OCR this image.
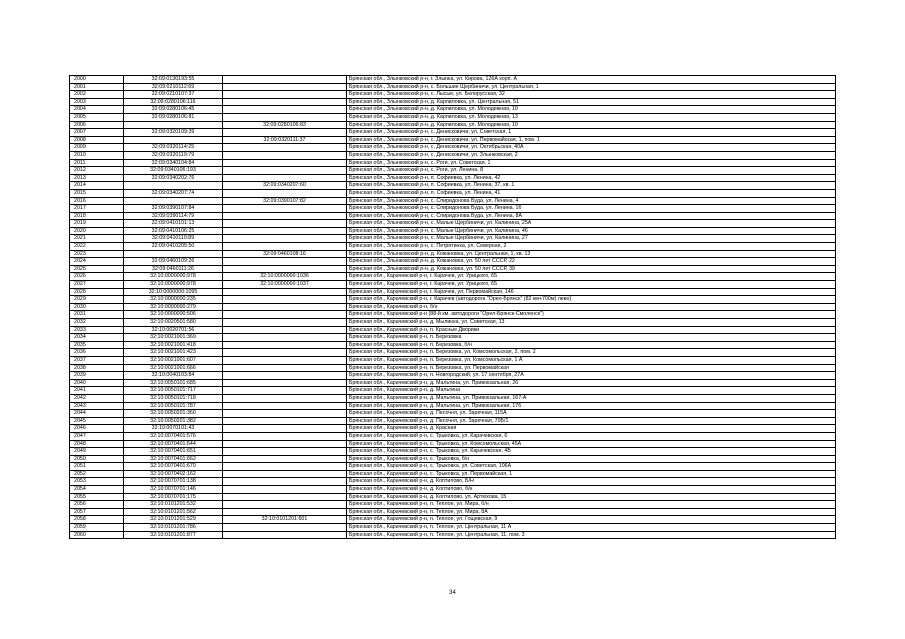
2000	32:09:0130193:55		Брянская обл., Злынковский р-н, г. Злынка, ул. Кирова, 126А корп. А
2001	32:09:0210112:69		Брянская обл., Злынковский р-н, с. Большие Щербиничи, ул. Центральная, 1
2002	32:09:0210107:37		Брянская обл., Злынковский р-н, с. Лысые, ул. Белорусская, 32
2003	32:09:0280106:116		Брянская обл., Злынковский р-н, д. Карпиловка, ул. Центральная, 51
2004	32:09:0280106:45		Брянская обл., Злынковский р-н, д. Карпиловка, ул. Молодежная, 10
2005	32:09:0280106:81		Брянская обл., Злынковский р-н, д. Карпиловка, ул. Молодежная, 13
2006		32:09:0280106:83	Брянская обл., Злынковский р-н, д. Карпиловка, ул. Молодежная, 10
2007	32:09:0320109:39		Брянская обл., Злынковский р-н, с. Денисковичи, ул. Советская, 1
2008		32:09:0320111:37	Брянская обл., Злынковский р-н, с. Денисковичи, ул. Первомайская, 1, пом. 1
2009	32:09:0320114:25		Брянская обл., Злынковский р-н, с. Денисковичи, ул. Октябрьская, 40А
2010	32:09:0320119:79		Брянская обл., Злынковский р-н, с. Денисковичи, ул. Злынковская, 2
2011	32:09:0340104:84		Брянская обл., Злынковский р-н, с. Роги, ул. Советская, 1
2012	32:09:0340106:193		Брянская обл., Злынковский р-н, с. Роги, ул. Ленина, 8
2013	32:09:0340202:76		Брянская обл., Злынковский р-н, п. Софиевка, ул. Ленина, 42
2014		32:09:0340207:60	Брянская обл., Злынковский р-н, п. Софиевка, ул. Ленина, 37, кв. 1
2015	32:09:0340207:74		Брянская обл., Злынковский р-н, п. Софиевка, ул. Ленина, 41
2016		32:09:0390107:82	Брянская обл., Злынковский р-н, с. Спиридонова Буда, ул. Ленина, 4
2017	32:09:0390107:84		Брянская обл., Злынковский р-н, с. Спиридонова Буда, ул. Ленина, 16
2018	32:09:0390114:79		Брянская обл., Злынковский р-н, с. Спиридонова Буда, ул. Ленина, 8А
2019	32:09:0410101:13		Брянская обл., Злынковский р-н, с. Малые Щербиничи, ул. Калинина, 25А
2020	32:09:0410106:25		Брянская обл., Злынковский р-н, с. Малые Щербиничи, ул. Калинина, 46
2021	32:09:0410110:89		Брянская обл., Злынковский р-н, с. Малые Щербиничи, ул. Калинина, 27
2022	32:09:0410205:50		Брянская обл., Злынковский р-н, с. Петрятинка, ул. Северная, 2
2023		32:09:0460108:16	Брянская обл., Злынковский р-н, д. Кожановка, ул. Центральная, 1, кв. 13
2024	32:09:0460109:26		Брянская обл., Злынковский р-н, д. Кожановка, ул. 50 лет СССР, 22
2025	32:09:0460111:26		Брянская обл., Злынковский р-н, д. Кожановка, ул. 50 лет СССР, 39
2026	32:10:0000000:978	32:10:0000000:1036	Брянская обл., Карачевский р-н, г. Карачев, ул. Урицкого, 65
2027	32:10:0000000:978	32:10:0000000:1037	Брянская обл., Карачевский р-н, г. Карачев, ул. Урицкого, 65
2028	32:10:0000000:1095		Брянская обл., Карачевский р-н, г. Карачев, ул. Первомайская, 146
2029	32:10:0000000:235		Брянская обл., Карачевский р-н, г. Карачев (автодорога "Орел-Брянск" (82 км+700м) лево)
2030	32:10:0000000:279		Брянская обл., Карачевский р-н, б/н
2031	32:10:0000000:506		Брянская обл., Карачевский р-н (88-й км. автодороги "Орел-Брянск-Смоленск")
2032	32:10:0020501:580		Брянская обл., Карачевский р-н, д. Мылинка, ул. Советская, 13
2033	32:10:0020701:56		Брянская обл., Карачевский р-н, п. Красные Дворики
2034	32:10:0021001:369		Брянская обл., Карачевский р-н, п. Березовка
2035	32:10:0021001:418		Брянская обл., Карачевский р-н, п. Березовка, б/н
2036	32:10:0021001:423		Брянская обл., Карачевский р-н, п. Березовка, ул. Комсомольская, 2, пом. 2
2037	32:10:0021001:607		Брянская обл., Карачевский р-н, п. Березовка, ул. Комсомольская, 1 А
2038	32:10:0021001:666		Брянская обл., Карачевский р-н, п. Березовка, ул. Первомайская
2039	32:10:0040103:84		Брянская обл., Карачевский р-н, п. Новгородский, ул. 17 сентября, 27А
2040	32:10:0050101:685		Брянская обл., Карачевский р-н, д. Мальтина, ул. Привокзальная, 26
2041	32:10:0050101:717		Брянская обл., Карачевский р-н, д. Мальтина
2042	32:10:0050101:718		Брянская обл., Карачевский р-н, д. Мальтина, ул. Привокзальная, 167-А
2043	32:10:0050101:787		Брянская обл., Карачевский р-н, д. Мальтина, ул. Привокзальная, 176
2044	32:10:0050201:360		Брянская обл., Карачевский р-н, д. Песочня, ул. Заречная, 115А
2045	32:10:0050201:382		Брянская обл., Карачевский р-н, д. Песочня, ул. Заречная, 70Б/1
2046	32:10:0070101:43		Брянская обл., Карачевский р-н, д. Красная
2047	32:10:0070401:576		Брянская обл., Карачевский р-н, с. Трыковка, ул. Карачевская, 6
2048	32:10:0070401:644		Брянская обл., Карачевский р-н, с. Трыковка, ул. Комсомольская, 45А
2049	32:10:0070401:651		Брянская обл., Карачевский р-н, с. Трыковка, ул. Карачевская, 4Б
2050	32:10:0070401:662		Брянская обл., Карачевский р-н, с. Трыковка, б/н
2051	32:10:0070401:670		Брянская обл., Карачевский р-н, с. Трыковка, ул. Советская, 106А
2052	32:10:0070402:162		Брянская обл., Карачевский р-н, с. Трыковка, ул. Первомайская, 1
2053	32:10:0070701:138		Брянская обл., Карачевский р-н, д. Коптилово, Б/Н
2054	32:10:0070701:146		Брянская обл., Карачевский р-н, д. Коптилово, б/н
2055	32:10:0070701:175		Брянская обл., Карачевский р-н, д. Коптилово, ул. Артюхова, 15
2056	32:10:0101201:532		Брянская обл., Карачевский р-н, п. Теплое, ул. Мира, б/н
2057	32:10:0101201:562		Брянская обл., Карачевский р-н, п. Теплое, ул. Мира, 8А
2058	32:10:0101201:529	32:10:0101201:601	Брянская обл., Карачевский р-н, п. Теплое, ул. Гощевская, 9
2059	32:10:0101201:786		Брянская обл., Карачевский р-н, п. Теплое, ул. Центральная, 11 А
2060	32:10:0101201:877		Брянская обл., Карачевский р-н, п. Теплое, ул. Центральная, 11, пом. 3
34
